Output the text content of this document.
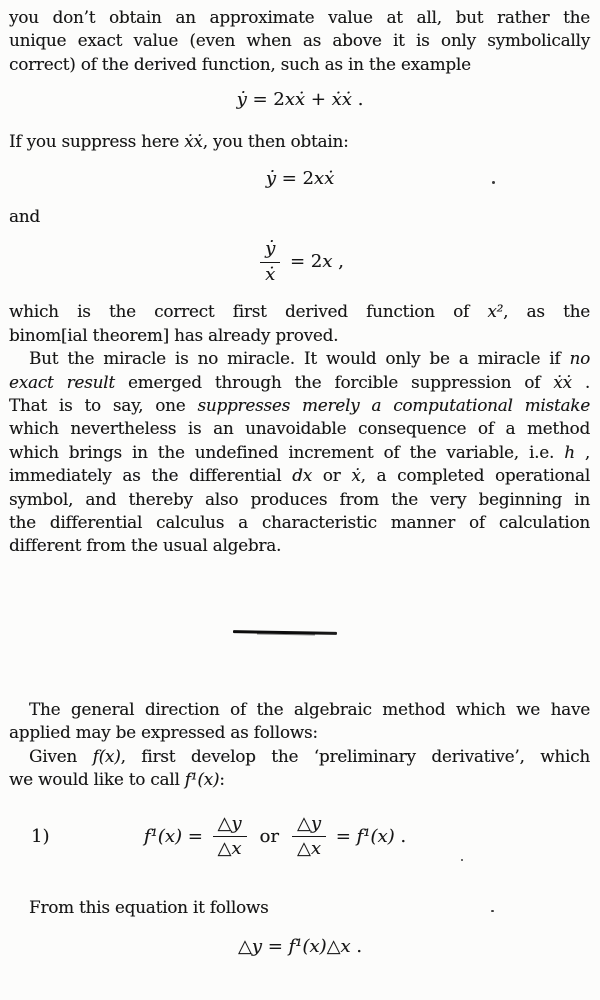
you don’t obtain an approximate value at all, but rather the
unique exact value (even when as above it is only symbolically
correct) of the derived function, such as in the example
ẏ = 2xẋ + ẋẋ .
If you suppress here ẋẋ, you then obtain:
ẏ = 2xẋ
and
$\frac{\text{ẏ}}{\text{ẋ}} = 2x$ ,
which is the correct first derived function of x², as the
binom[ial theorem] has already proved.
But the miracle is no miracle. It would only be a miracle if no
exact result emerged through the forcible suppression of ẋẋ .
That is to say, one suppresses merely a computational mistake
which nevertheless is an unavoidable consequence of a method
which brings in the undefined increment of the variable, i.e. h ,
immediately as the differential dx or ẋ, a completed operational
symbol, and thereby also produces from the very beginning in
the differential calculus a characteristic manner of calculation
different from the usual algebra.
The general direction of the algebraic method which we have
applied may be expressed as follows:
Given f(x), first develop the ‘preliminary derivative’, which
we would like to call f¹(x):
1)	$f^1(x) = \frac{\triangle y}{\triangle x}$ or $\frac{\triangle y}{\triangle x} = f^1(x)$ .
From this equation it follows
△y = f¹(x)△x .
